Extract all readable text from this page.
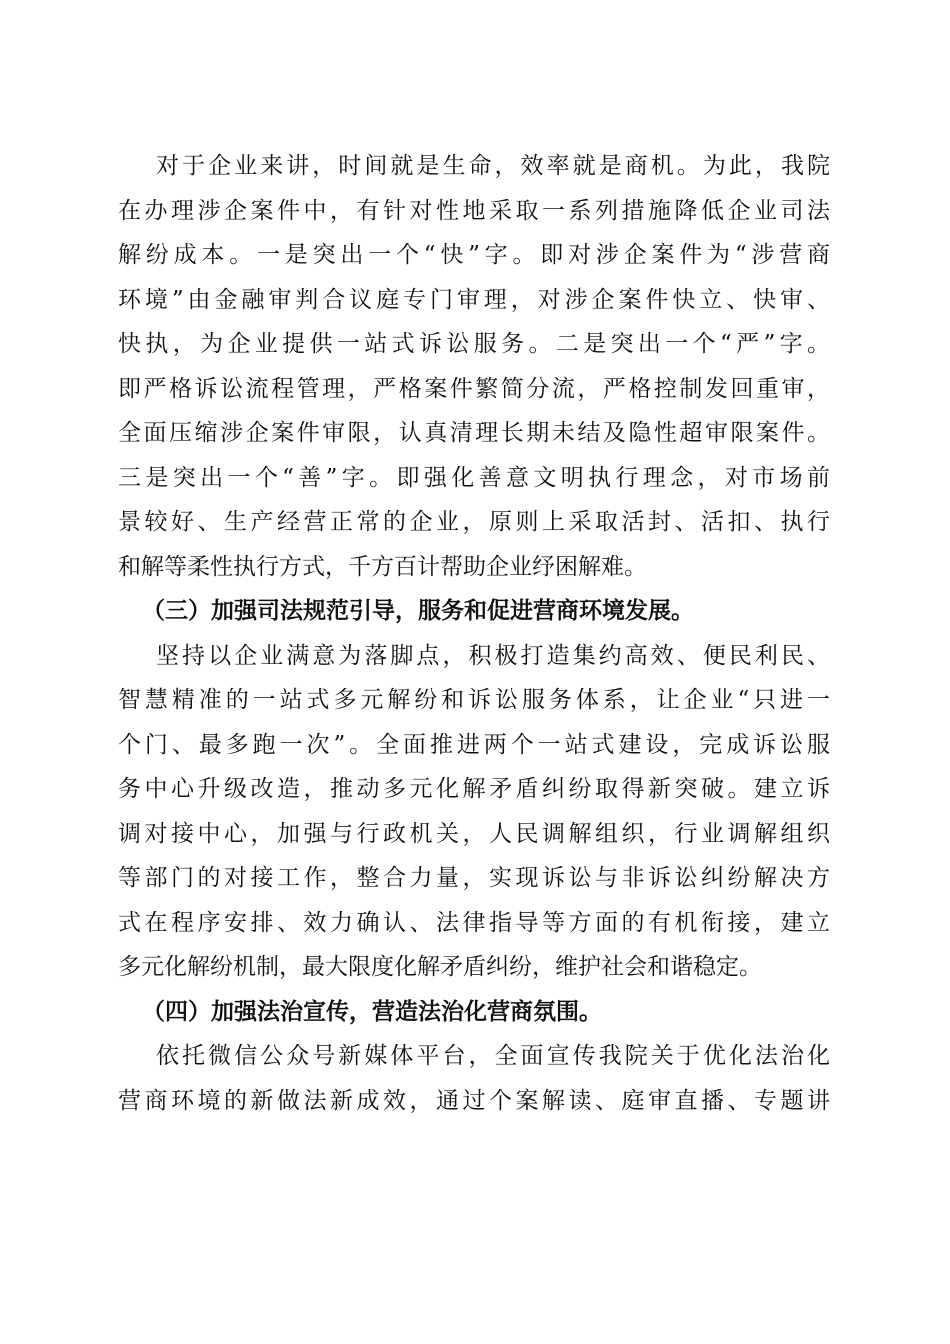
对于企业来讲，时间就是生命，效率就是商机。为此，我院
在办理涉企案件中，有针对性地采取一系列措施降低企业司法
解纷成本。一是突出一个“快”字。即对涉企案件为“涉营商
环境”由金融审判合议庭专门审理，对涉企案件快立、快审、
快执，为企业提供一站式诉讼服务。二是突出一个“严”字。
即严格诉讼流程管理，严格案件繁简分流，严格控制发回重审，
全面压缩涉企案件审限，认真清理长期未结及隐性超审限案件。
三是突出一个“善”字。即强化善意文明执行理念，对市场前
景较好、生产经营正常的企业，原则上采取活封、活扣、执行
和解等柔性执行方式，千方百计帮助企业纾困解难。
（三）加强司法规范引导，服务和促进营商环境发展。
坚持以企业满意为落脚点，积极打造集约高效、便民利民、
智慧精准的一站式多元解纷和诉讼服务体系，让企业“只进一
个门、最多跑一次”。全面推进两个一站式建设，完成诉讼服
务中心升级改造，推动多元化解矛盾纠纷取得新突破。建立诉
调对接中心，加强与行政机关，人民调解组织，行业调解组织
等部门的对接工作，整合力量，实现诉讼与非诉讼纠纷解决方
式在程序安排、效力确认、法律指导等方面的有机衔接，建立
多元化解纷机制，最大限度化解矛盾纠纷，维护社会和谐稳定。
（四）加强法治宣传，营造法治化营商氛围。
依托微信公众号新媒体平台，全面宣传我院关于优化法治化
营商环境的新做法新成效，通过个案解读、庭审直播、专题讲
